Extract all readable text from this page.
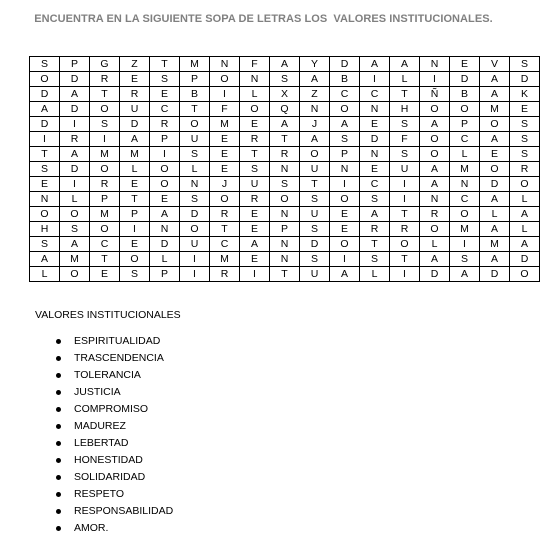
ENCUENTRA EN LA SIGUIENTE SOPA DE LETRAS LOS  VALORES INSTITUCIONALES.
S	P	G	Z	T	M	N	F	A	Y	D	A	A	N	E	V	S
O	D	R	E	S	P	O	N	S	A	B	I	L	I	D	A	D
D	A	T	R	E	B	I	L	X	Z	C	C	T	Ñ	B	A	K
A	D	O	U	C	T	F	O	Q	N	O	N	H	O	O	M	E
D	I	S	D	R	O	M	E	A	J	A	E	S	A	P	O	S
I	R	I	A	P	U	E	R	T	A	S	D	F	O	C	A	S
T	A	M	M	I	S	E	T	R	O	P	N	S	O	L	E	S
S	D	O	L	O	L	E	S	N	U	N	E	U	A	M	O	R
E	I	R	E	O	N	J	U	S	T	I	C	I	A	N	D	O
N	L	P	T	E	S	O	R	O	S	O	S	I	N	C	A	L
O	O	M	P	A	D	R	E	N	U	E	A	T	R	O	L	A
H	S	O	I	N	O	T	E	P	S	E	R	R	O	M	A	L
S	A	C	E	D	U	C	A	N	D	O	T	O	L	I	M	A
A	M	T	O	L	I	M	E	N	S	I	S	T	A	S	A	D
L	O	E	S	P	I	R	I	T	U	A	L	I	D	A	D	O
VALORES INSTITUCIONALES
ESPIRITUALIDAD
TRASCENDENCIA
TOLERANCIA
JUSTICIA
COMPROMISO
MADUREZ
LEBERTAD
HONESTIDAD
SOLIDARIDAD
RESPETO
RESPONSABILIDAD
AMOR.
